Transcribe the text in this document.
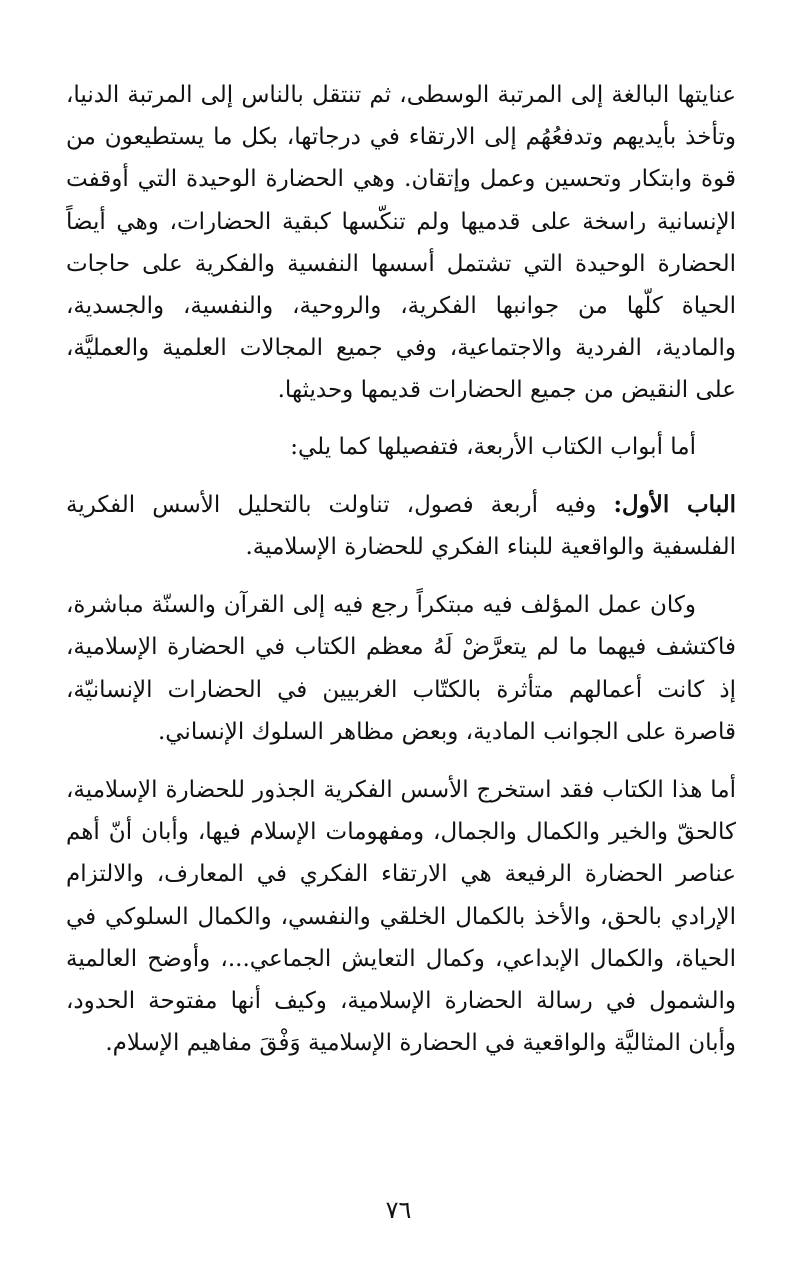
عنايتها البالغة إلى المرتبة الوسطى، ثم تنتقل بالناس إلى المرتبة الدنيا، وتأخذ بأيديهم وتدفعُهُم إلى الارتقاء في درجاتها، بكل ما يستطيعون من قوة وابتكار وتحسين وعمل وإتقان. وهي الحضارة الوحيدة التي أوقفت الإنسانية راسخة على قدميها ولم تنكّسها كبقية الحضارات، وهي أيضاً الحضارة الوحيدة التي تشتمل أسسها النفسية والفكرية على حاجات الحياة كلّها من جوانبها الفكرية، والروحية، والنفسية، والجسدية، والمادية، الفردية والاجتماعية، وفي جميع المجالات العلمية والعمليَّة، على النقيض من جميع الحضارات قديمها وحديثها.

أما أبواب الكتاب الأربعة، فتفصيلها كما يلي:

الباب الأول: وفيه أربعة فصول، تناولت بالتحليل الأسس الفكرية الفلسفية والواقعية للبناء الفكري للحضارة الإسلامية.

وكان عمل المؤلف فيه مبتكراً رجع فيه إلى القرآن والسنّة مباشرة، فاكتشف فيهما ما لم يتعرَّضْ لَهُ معظم الكتاب في الحضارة الإسلامية، إذ كانت أعمالهم متأثرة بالكتّاب الغربيين في الحضارات الإنسانيّة، قاصرة على الجوانب المادية، وبعض مظاهر السلوك الإنساني.

أما هذا الكتاب فقد استخرج الأسس الفكرية الجذور للحضارة الإسلامية، كالحقّ والخير والكمال والجمال، ومفهومات الإسلام فيها، وأبان أنّ أهم عناصر الحضارة الرفيعة هي الارتقاء الفكري في المعارف، والالتزام الإرادي بالحق، والأخذ بالكمال الخلقي والنفسي، والكمال السلوكي في الحياة، والكمال الإبداعي، وكمال التعايش الجماعي...، وأوضح العالمية والشمول في رسالة الحضارة الإسلامية، وكيف أنها مفتوحة الحدود، وأبان المثاليَّة والواقعية في الحضارة الإسلامية وَفْقَ مفاهيم الإسلام.

٧٦
